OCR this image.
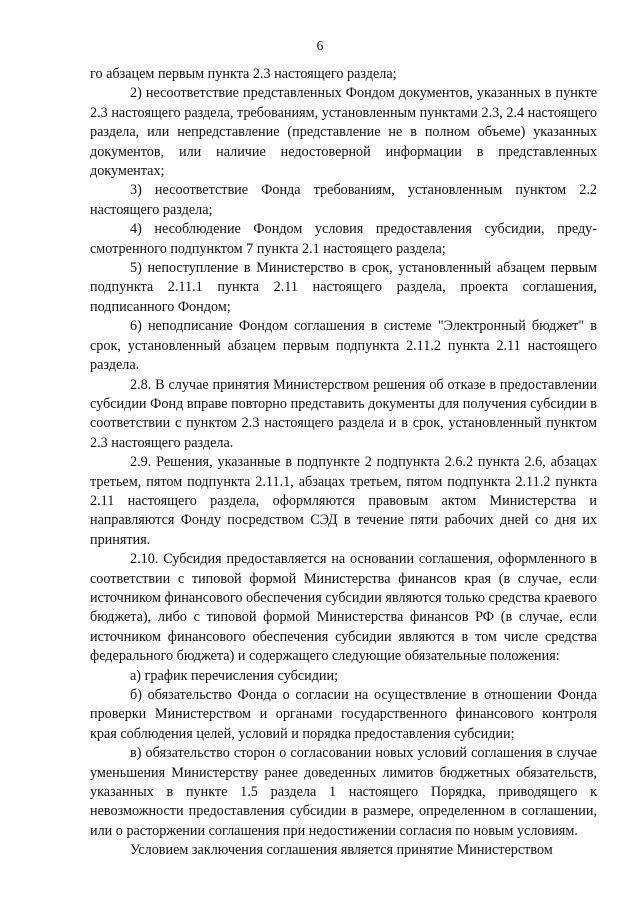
6

го абзацем первым пункта 2.3 настоящего раздела;

2) несоответствие представленных Фондом документов, указанных в пункте 2.3 настоящего раздела, требованиям, установленным пунктами 2.3, 2.4 настоящего раздела, или непредставление (представление не в полном объеме) указанных документов, или наличие недостоверной информации в представленных документах;

3) несоответствие Фонда требованиям, установленным пунктом 2.2 настоящего раздела;

4) несоблюдение Фондом условия предоставления субсидии, предусмотренного подпунктом 7 пункта 2.1 настоящего раздела;

5) непоступление в Министерство в срок, установленный абзацем первым подпункта 2.11.1 пункта 2.11 настоящего раздела, проекта соглашения, подписанного Фондом;

6) неподписание Фондом соглашения в системе "Электронный бюджет" в срок, установленный абзацем первым подпункта 2.11.2 пункта 2.11 настоящего раздела.

2.8. В случае принятия Министерством решения об отказе в предоставлении субсидии Фонд вправе повторно представить документы для получения субсидии в соответствии с пунктом 2.3 настоящего раздела и в срок, установленный пунктом 2.3 настоящего раздела.

2.9. Решения, указанные в подпункте 2 подпункта 2.6.2 пункта 2.6, абзацах третьем, пятом подпункта 2.11.1, абзацах третьем, пятом подпункта 2.11.2 пункта 2.11 настоящего раздела, оформляются правовым актом Министерства и направляются Фонду посредством СЭД в течение пяти рабочих дней со дня их принятия.

2.10. Субсидия предоставляется на основании соглашения, оформленного в соответствии с типовой формой Министерства финансов края (в случае, если источником финансового обеспечения субсидии являются только средства краевого бюджета), либо с типовой формой Министерства финансов РФ (в случае, если источником финансового обеспечения субсидии являются в том числе средства федерального бюджета) и содержащего следующие обязательные положения:

а) график перечисления субсидии;

б) обязательство Фонда о согласии на осуществление в отношении Фонда проверки Министерством и органами государственного финансового контроля края соблюдения целей, условий и порядка предоставления субсидии;

в) обязательство сторон о согласовании новых условий соглашения в случае уменьшения Министерству ранее доведенных лимитов бюджетных обязательств, указанных в пункте 1.5 раздела 1 настоящего Порядка, приводящего к невозможности предоставления субсидии в размере, определенном в соглашении, или о расторжении соглашения при недостижении согласия по новым условиям.

Условием заключения соглашения является принятие Министерством
